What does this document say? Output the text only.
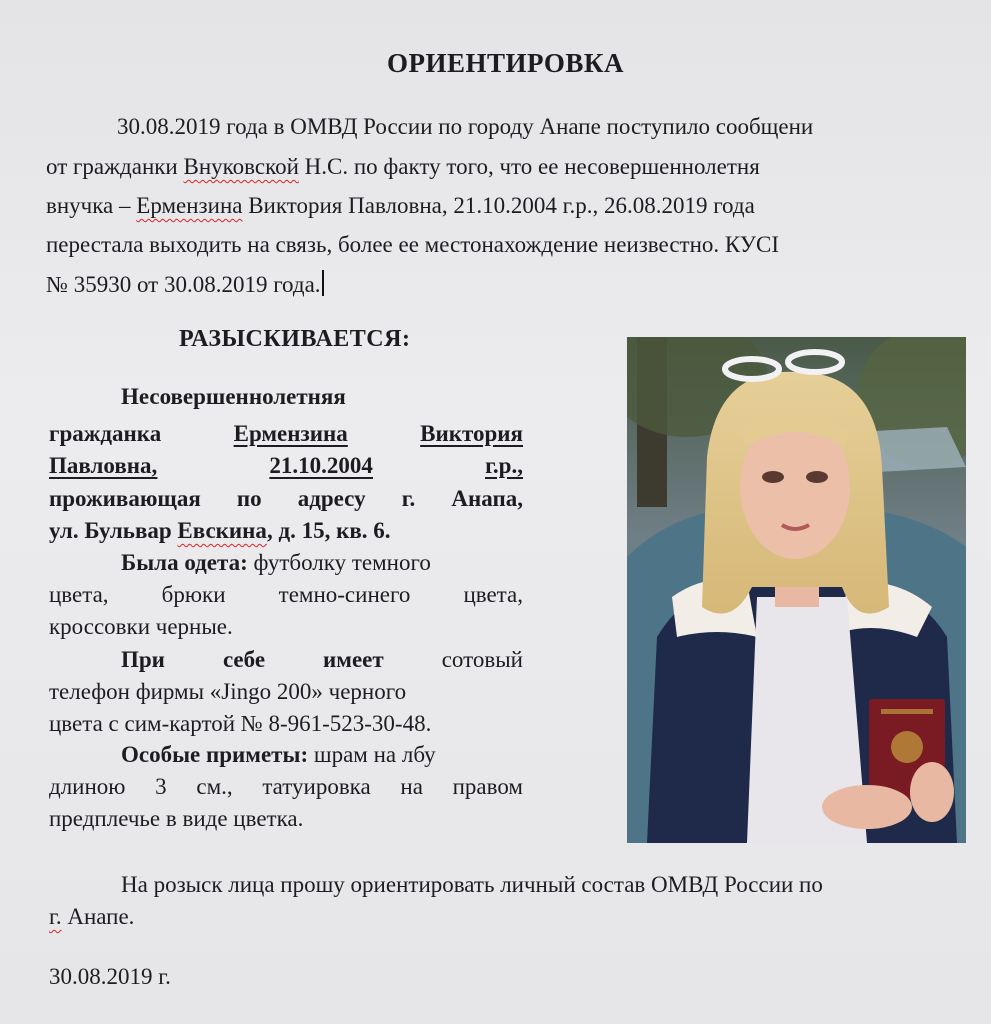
ОРИЕНТИРОВКА
30.08.2019 года в ОМВД России по городу Анапе поступило сообщени
от гражданки Внуковской Н.С. по факту того, что ее несовершеннолетня
внучка – Ермензина Виктория Павловна, 21.10.2004 г.р., 26.08.2019 года
перестала выходить на связь, более ее местонахождение неизвестно. КУСІ
№ 35930 от 30.08.2019 года.
РАЗЫСКИВАЕТСЯ:
Несовершеннолетняя
гражданка	Ермензина	Виктория
Павловна,	21.10.2004	г.р.,
проживающая по адресу г. Анапа,
ул. Бульвар Евскина, д. 15, кв. 6.
Была одета: футболку темного
цвета, брюки темно-синего цвета,
кроссовки черные.
При	себе	имеет	сотовый
телефон фирмы «Jingo 200» черного
цвета с сим-картой № 8-961-523-30-48.
Особые приметы: шрам на лбу
длиною 3 см., татуировка на правом
предплечье в виде цветка.
На розыск лица прошу ориентировать личный состав ОМВД России по
г. Анапе.
30.08.2019 г.
